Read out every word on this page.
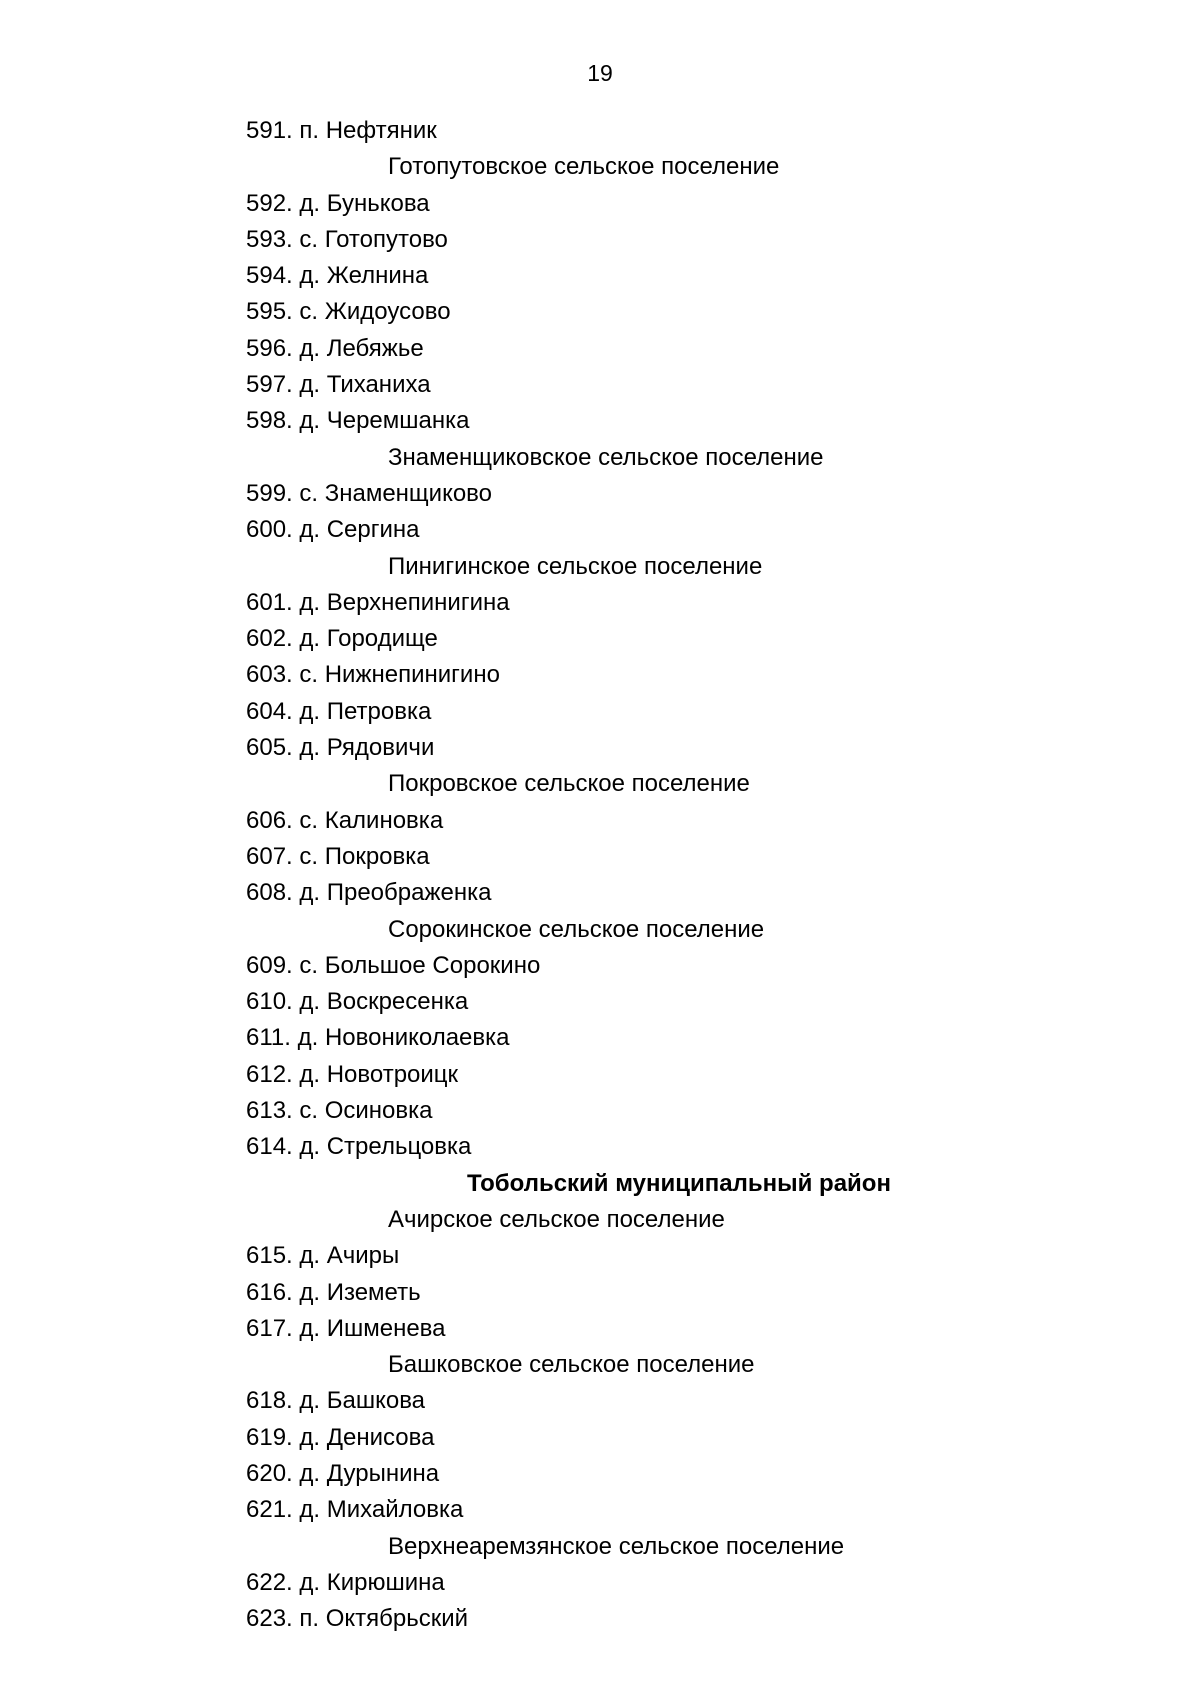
19
591. п. Нефтяник
Готопутовское сельское поселение
592. д. Бунькова
593. с. Готопутово
594. д. Желнина
595. с. Жидоусово
596. д. Лебяжье
597. д. Тиханиха
598. д. Черемшанка
Знаменщиковское сельское поселение
599. с. Знаменщиково
600. д. Сергина
Пинигинское сельское поселение
601. д. Верхнепинигина
602. д. Городище
603. с. Нижнепинигино
604. д. Петровка
605. д. Рядовичи
Покровское сельское поселение
606. с. Калиновка
607. с. Покровка
608. д. Преображенка
Сорокинское сельское поселение
609. с. Большое Сорокино
610. д. Воскресенка
611. д. Новониколаевка
612. д. Новотроицк
613. с. Осиновка
614. д. Стрельцовка
Тобольский муниципальный район
Ачирское сельское поселение
615. д. Ачиры
616. д. Иземеть
617. д. Ишменева
Башковское сельское поселение
618. д. Башкова
619. д. Денисова
620. д. Дурынина
621. д. Михайловка
Верхнеаремзянское сельское поселение
622. д. Кирюшина
623. п. Октябрьский
